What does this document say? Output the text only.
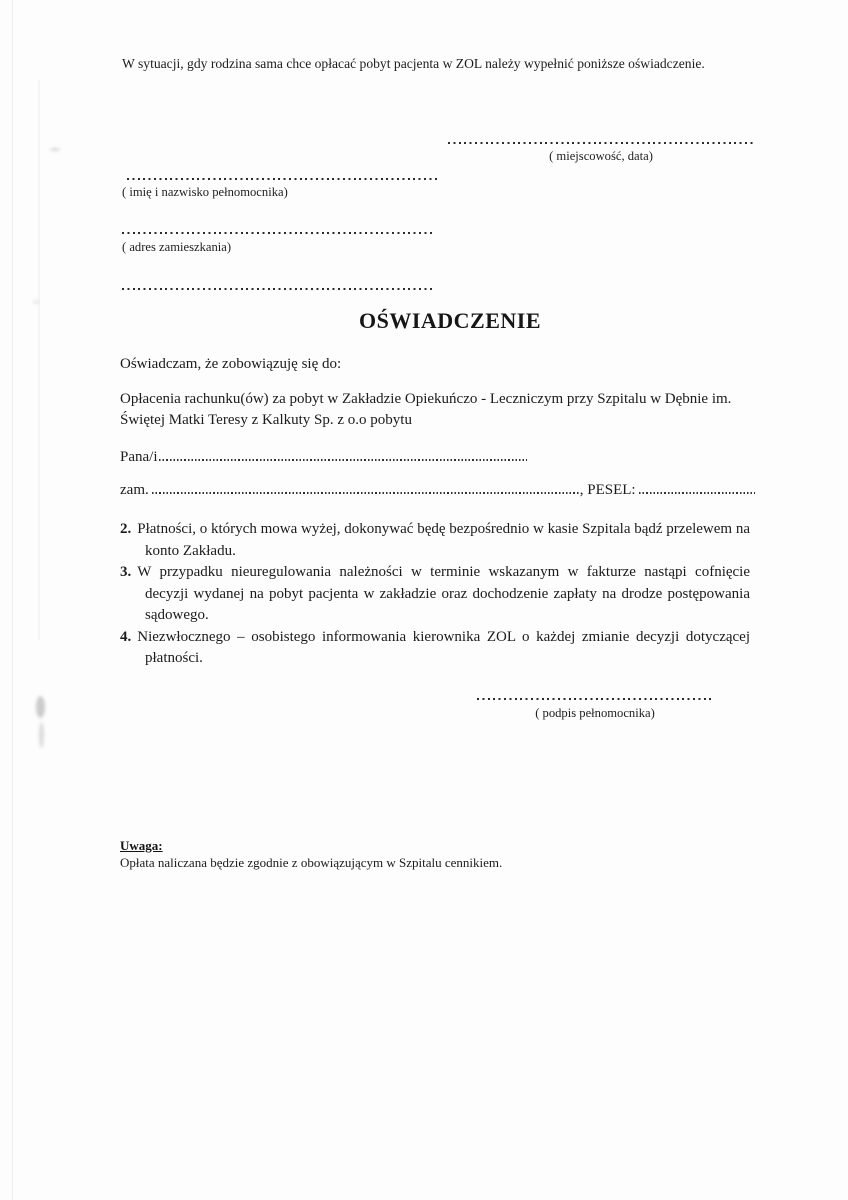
W sytuacji, gdy rodzina sama chce opłacać pobyt pacjenta w ZOL należy wypełnić poniższe oświadczenie.
( miejscowość, data)
( imię i nazwisko pełnomocnika)
( adres zamieszkania)
OŚWIADCZENIE
Oświadczam, że zobowiązuję się do:
Opłacenia rachunku(ów) za pobyt w Zakładzie Opiekuńczo - Leczniczym przy Szpitalu w Dębnie im. Świętej Matki Teresy z Kalkuty Sp. z o.o pobytu
Pana/i
zam.	, PESEL:

2. Płatności, o których mowa wyżej, dokonywać będę bezpośrednio w kasie Szpitala bądź przelewem na konto Zakładu.

3. W przypadku nieuregulowania należności w terminie wskazanym w fakturze nastąpi cofnięcie decyzji wydanej na pobyt pacjenta w zakładzie oraz dochodzenie zapłaty na drodze postępowania sądowego.

4. Niezwłocznego – osobistego informowania kierownika ZOL o każdej zmianie decyzji dotyczącej płatności.

( podpis pełnomocnika)
Uwaga:
Opłata naliczana będzie zgodnie z obowiązującym w Szpitalu cennikiem.
